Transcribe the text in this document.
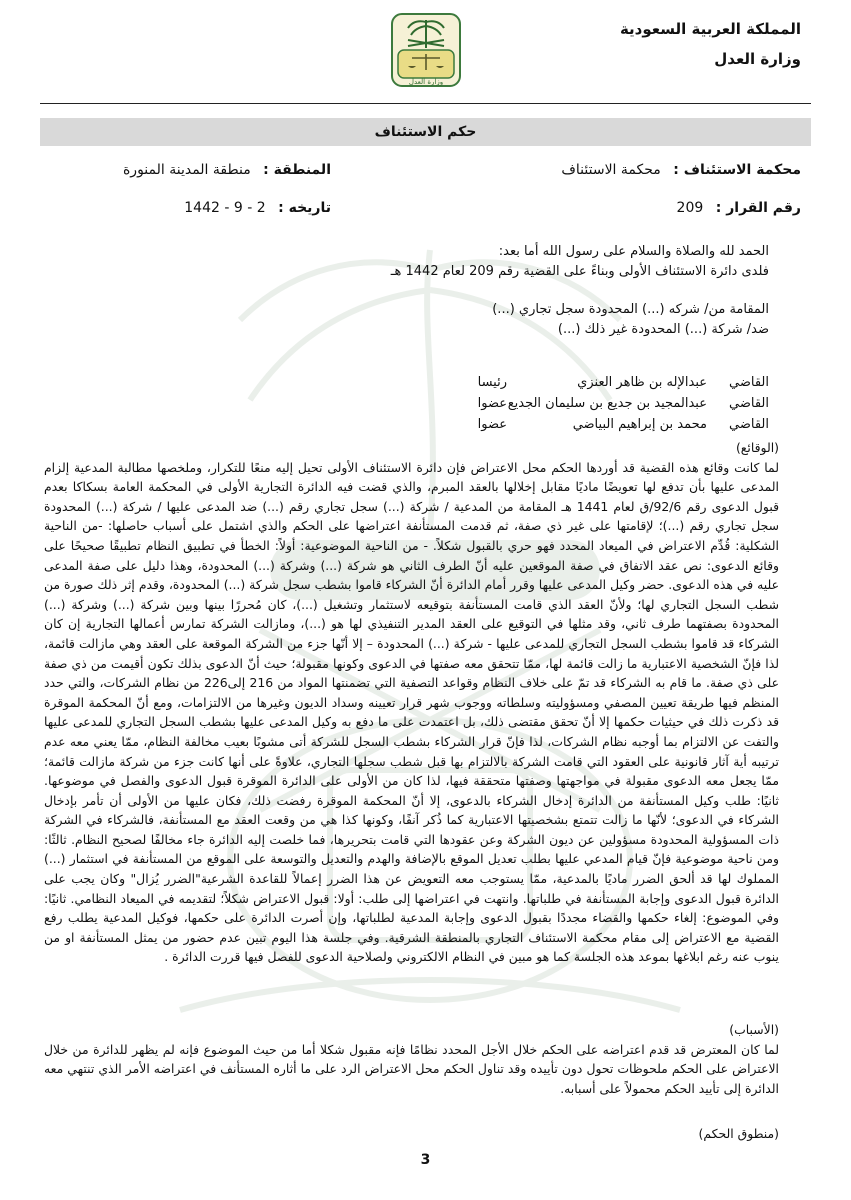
المملكة العربية السعودية
وزارة العدل
وزارة العدل
حكم الاستئناف
محكمة الاستئناف : محكمة الاستئناف
المنطقة : منطقة المدينة المنورة
رقم القرار : 209
تاريخه : 2 - 9 - 1442
الحمد لله والصلاة والسلام على رسول الله أما بعد:
فلدى دائرة الاستئناف الأولى وبناءً على القضية رقم 209 لعام 1442 هـ
المقامة من/ شركه (...) المحدودة سجل تجاري (...)
ضد/ شركة (...) المحدودة غير ذلك (...)
القاضي
عبدالإله بن ظاهر العنزي
رئيسا
القاضي
عبدالمجيد بن جديع بن سليمان الجديع
عضوا
القاضي
محمد بن إبراهيم البياضي
عضوا

(الوقائع)

لما كانت وقائع هذه القضية قد أوردها الحكم محل الاعتراض فإن دائرة الاستئناف الأولى تحيل إليه منعًا للتكرار، وملخصها مطالبة المدعية إلزام المدعى عليها بأن تدفع لها تعويضًا ماديًا مقابل إخلالها بالعقد المبرم، والذي قضت فيه الدائرة التجارية الأولى في المحكمة العامة بسكاكا بعدم قبول الدعوى رقم 92/6/ق لعام 1441 هـ المقامة من المدعية / شركة (...) سجل تجاري رقم (...) ضد المدعى عليها / شركة (...) المحدودة سجل تجاري رقم (...)؛ لإقامتها على غير ذي صفة، ثم قدمت المستأنفة اعتراضها على الحكم والذي اشتمل على أسباب حاصلها: -من الناحية الشكلية: قُدِّم الاعتراض في الميعاد المحدد فهو حري بالقبول شكلاً. - من الناحية الموضوعية: أولاً: الخطأ في تطبيق النظام تطبيقًا صحيحًا على وقائع الدعوى: نص عقد الاتفاق في صفة الموقعين عليه أنّ الطرف الثاني هو شركة (...) وشركة (...) المحدودة، وهذا دليل على صفة المدعى عليه في هذه الدعوى. حضر وكيل المدعى عليها وقرر أمام الدائرة أنّ الشركاء قاموا بشطب سجل شركة (...) المحدودة، وقدم إثر ذلك صورة من شطب السجل التجاري لها؛ ولأنّ العقد الذي قامت المستأنفة بتوقيعه لاستثمار وتشغيل (...)، كان مُحررًا بينها وبين شركة (...) وشركة (...) المحدودة بصفتهما طرف ثاني، وقد مثلها في التوقيع على العقد المدير التنفيذي لها هو (...)، ومازالت الشركة تمارس أعمالها التجارية إن كان الشركاء قد قاموا بشطب السجل التجاري للمدعى عليها - شركة (...) المحدودة – إلا أنّها جزء من الشركة الموقعة على العقد وهي مازالت قائمة، لذا فإنّ الشخصية الاعتبارية ما زالت قائمة لها، ممّا تتحقق معه صفتها في الدعوى وكونها مقبولة؛ حيث أنّ الدعوى بذلك تكون أقيمت من ذي صفة على ذي صفة. ما قام به الشركاء قد تمّ على خلاف النظام وقواعد التصفية التي تضمنتها المواد من 216 إلى226 من نظام الشركات، والتي حدد المنظم فيها طريقة تعيين المصفي ومسؤوليته وسلطاته ووجوب شهر قرار تعيينه وسداد الديون وغيرها من الالتزامات، ومع أنّ المحكمة الموقرة قد ذكرت ذلك في حيثيات حكمها إلا أنّ تحقق مقتضى ذلك، بل اعتمدت على ما دفع به وكيل المدعى عليها بشطب السجل التجاري للمدعى عليها والتفت عن الالتزام بما أوجبه نظام الشركات، لذا فإنّ قرار الشركاء بشطب السجل للشركة أتى مشوبًا بعيب مخالفة النظام، ممّا يعني معه عدم ترتيبه أية آثار قانونية على العقود التي قامت الشركة بالالتزام بها قبل شطب سجلها التجاري، علاوةً على أنها كانت جزء من شركة مازالت قائمة؛ ممّا يجعل معه الدعوى مقبولة في مواجهتها وصفتها متحققة فيها، لذا كان من الأولى على الدائرة الموقرة قبول الدعوى والفصل في موضوعها. ثانيًا: طلب وكيل المستأنفة من الدائرة إدخال الشركاء بالدعوى، إلا أنّ المحكمة الموقرة رفضت ذلك، فكان عليها من الأولى أن تأمر بإدخال الشركاء في الدعوى؛ لأنّها ما زالت تتمتع بشخصيتها الاعتبارية كما ذُكر آنفًا، وكونها كذا هي من وقعت العقد مع المستأنفة، فالشركاء في الشركة ذات المسؤولية المحدودة مسؤولين عن ديون الشركة وعن عقودها التي قامت بتحريرها، فما خلصت إليه الدائرة جاء مخالفًا لصحيح النظام. ثالثًا: ومن ناحية موضوعية فإنّ قيام المدعي عليها بطلب تعديل الموقع بالإضافة والهدم والتعديل والتوسعة على الموقع من المستأنفة في استثمار (...) المملوك لها قد ألحق الضرر ماديًا بالمدعية، ممّا يستوجب معه التعويض عن هذا الضرر إعمالاً للقاعدة الشرعية"الضرر يُزال" وكان يجب على الدائرة قبول الدعوى وإجابة المستأنفة في طلباتها. وانتهت في اعتراضها إلى طلب: أولا: قبول الاعتراض شكلاً؛ لتقديمه في الميعاد النظامي. ثانيًا: وفي الموضوع: إلغاء حكمها والقضاء مجددًا بقبول الدعوى وإجابة المدعية لطلباتها، وإن أصرت الدائرة على حكمها، فوكيل المدعية يطلب رفع القضية مع الاعتراض إلى مقام محكمة الاستئناف التجاري بالمنطقة الشرقية. وفي جلسة هذا اليوم تبين عدم حضور من يمثل المستأنفة او من ينوب عنه رغم ابلاغها بموعد هذه الجلسة كما هو مبين في النظام الالكتروني ولصلاحية الدعوى للفصل فيها قررت الدائرة .

(الأسباب)

لما كان المعترض قد قدم اعتراضه على الحكم خلال الأجل المحدد نظامًا فإنه مقبول شكلا أما من حيث الموضوع فإنه لم يظهر للدائرة من خلال الاعتراض على الحكم ملحوظات تحول دون تأييده وقد تناول الحكم محل الاعتراض الرد على ما أثاره المستأنف في اعتراضه الأمر الذي تنتهي معه الدائرة إلى تأييد الحكم محمولاً على أسبابه.

(منطوق الحكم)

3
